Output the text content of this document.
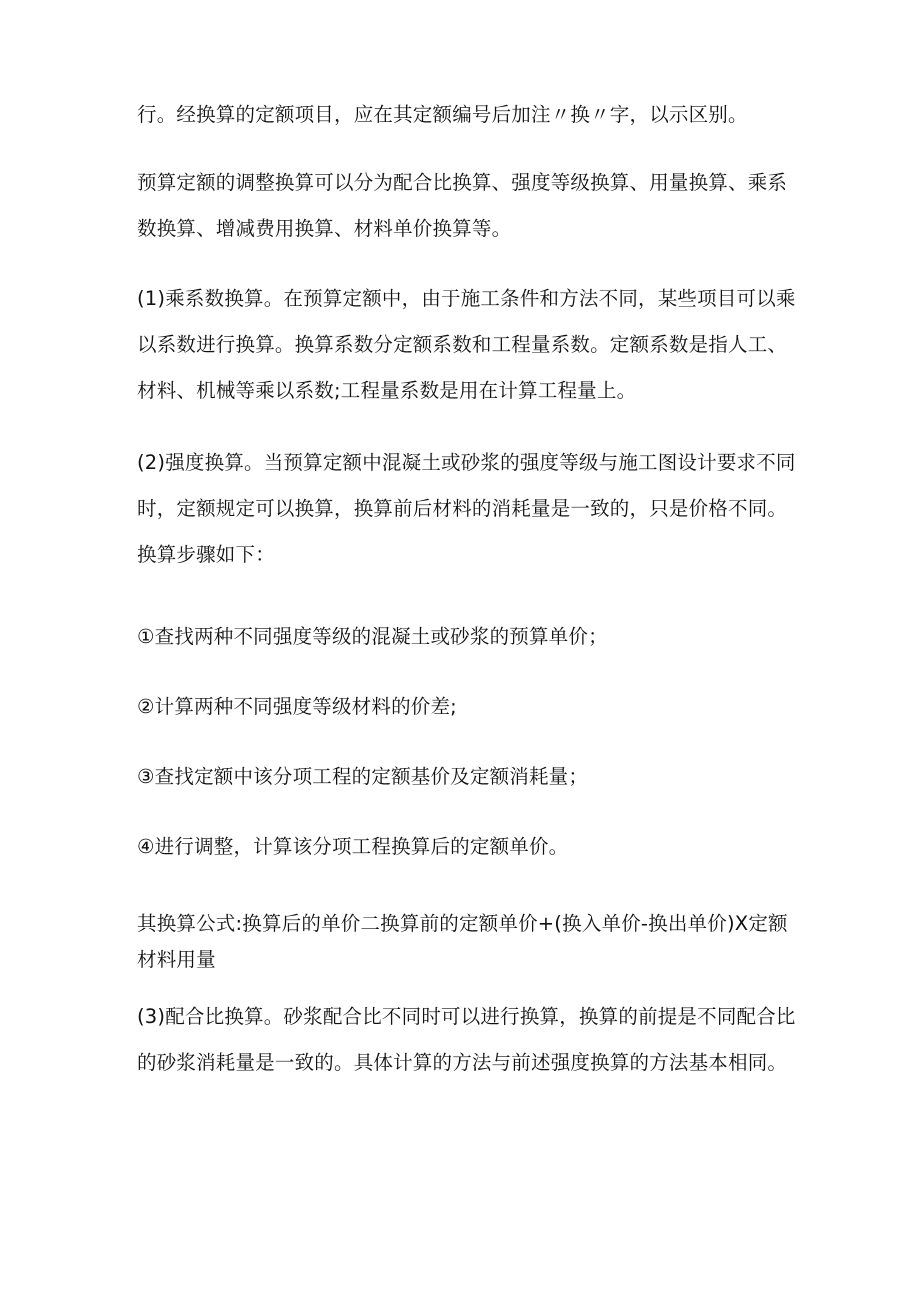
行。经换算的定额项目，应在其定额编号后加注〃换〃字，以示区别。

预算定额的调整换算可以分为配合比换算、强度等级换算、用量换算、乘系数换算、增减费用换算、材料单价换算等。

(1)乘系数换算。在预算定额中，由于施工条件和方法不同，某些项目可以乘以系数进行换算。换算系数分定额系数和工程量系数。定额系数是指人工、材料、机械等乘以系数;工程量系数是用在计算工程量上。

(2)强度换算。当预算定额中混凝土或砂浆的强度等级与施工图设计要求不同时，定额规定可以换算，换算前后材料的消耗量是一致的，只是价格不同。换算步骤如下：

①查找两种不同强度等级的混凝土或砂浆的预算单价；

②计算两种不同强度等级材料的价差;

③查找定额中该分项工程的定额基价及定额消耗量；

④进行调整，计算该分项工程换算后的定额单价。

其换算公式:换算后的单价二换算前的定额单价+(换入单价-换出单价)X定额材料用量

(3)配合比换算。砂浆配合比不同时可以进行换算，换算的前提是不同配合比的砂浆消耗量是一致的。具体计算的方法与前述强度换算的方法基本相同。
